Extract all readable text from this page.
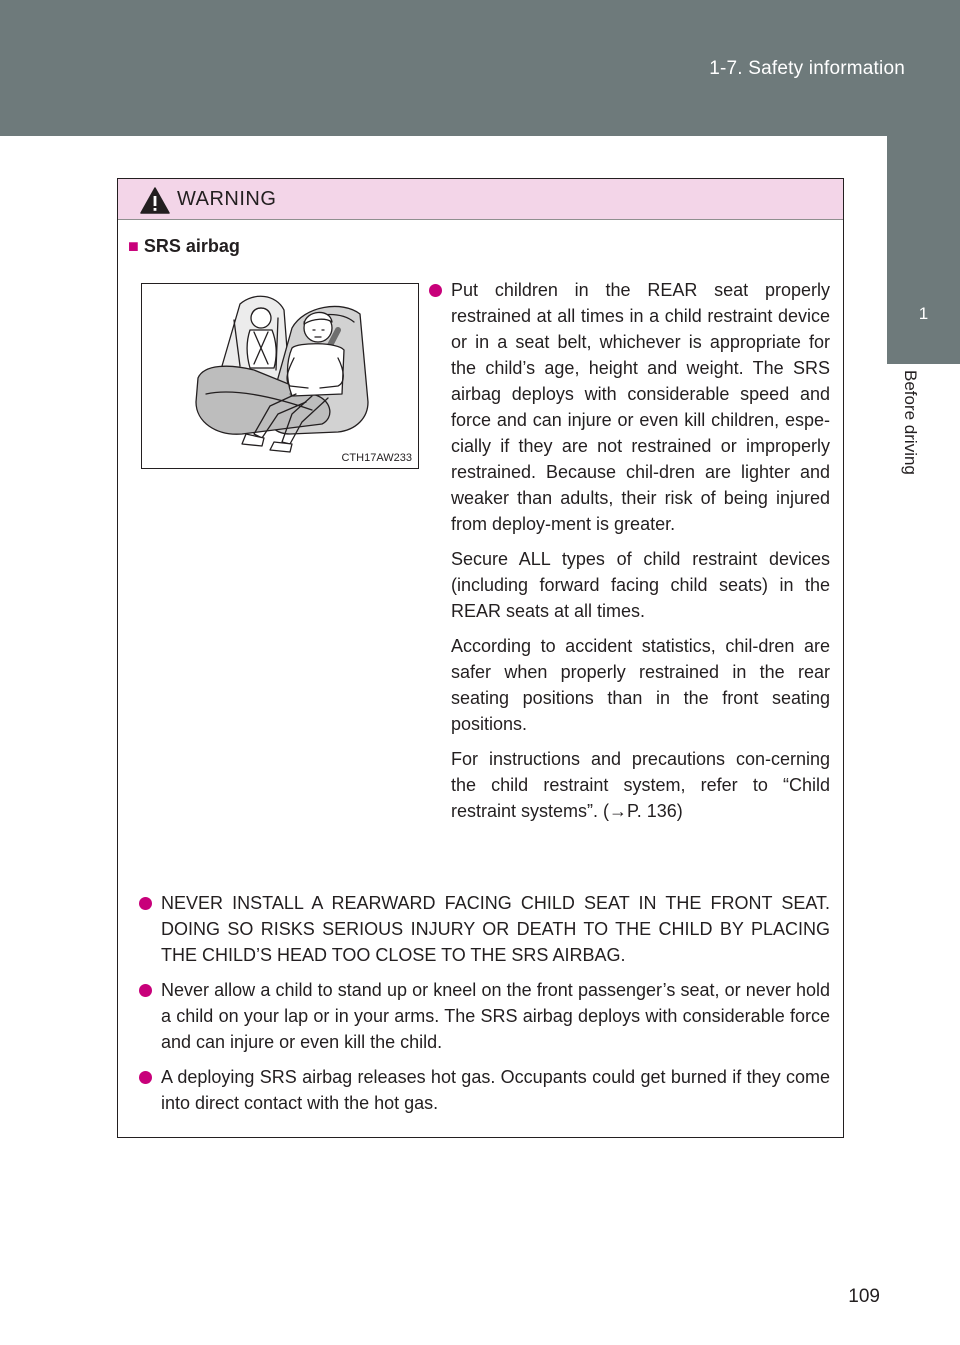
1-7. Safety information
1
Before driving
WARNING
■ SRS airbag
CTH17AW233
Put children in the REAR seat properly restrained at all times in a child restraint device or in a seat belt, whichever is appropriate for the child’s age, height and weight. The SRS airbag deploys with considerable speed and force and can injure or even kill children, espe-cially if they are not restrained or improperly restrained. Because chil-dren are lighter and weaker than adults, their risk of being injured from deploy-ment is greater.
Secure ALL types of child restraint devices (including forward facing child seats) in the REAR seats at all times.
According to accident statistics, chil-dren are safer when properly restrained in the rear seating positions than in the front seating positions.
For instructions and precautions con-cerning the child restraint system, refer to “Child restraint systems”. (→P. 136)
NEVER INSTALL A REARWARD FACING CHILD SEAT IN THE FRONT SEAT. DOING SO RISKS SERIOUS INJURY OR DEATH TO THE CHILD BY PLACING THE CHILD’S HEAD TOO CLOSE TO THE SRS AIRBAG.
Never allow a child to stand up or kneel on the front passenger’s seat, or never hold a child on your lap or in your arms. The SRS airbag deploys with considerable force and can injure or even kill the child.
A deploying SRS airbag releases hot gas. Occupants could get burned if they come into direct contact with the hot gas.
109
